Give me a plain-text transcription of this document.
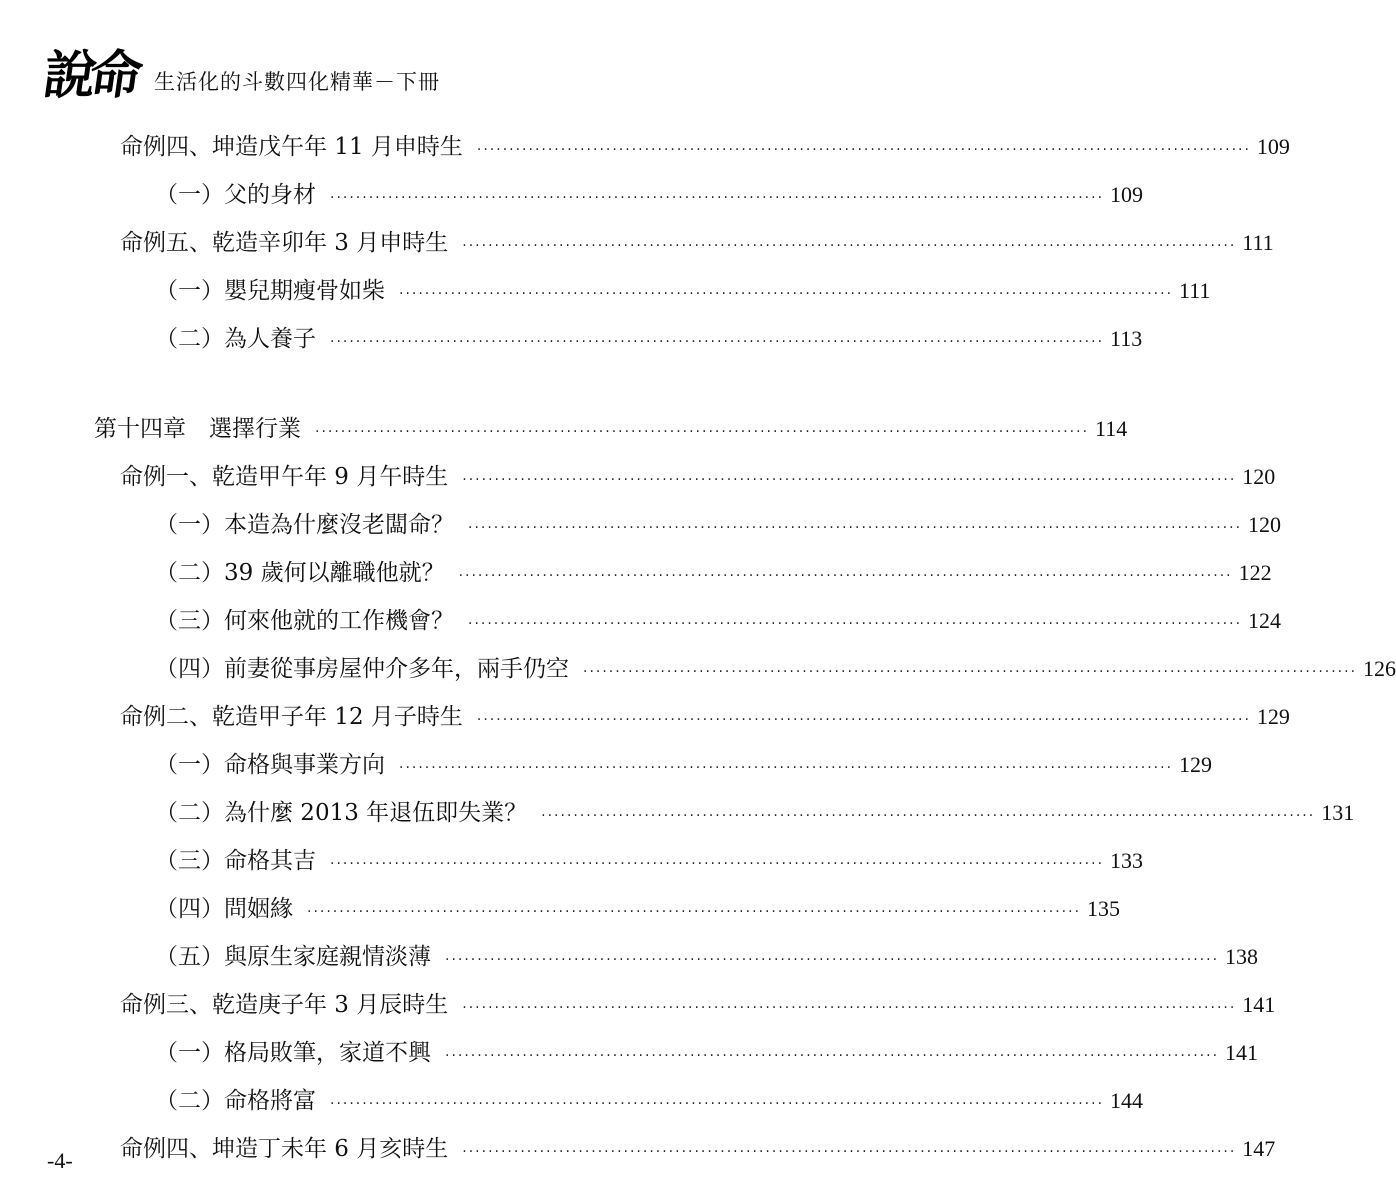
說命 生活化的斗數四化精華－下冊
命例四、坤造戊午年 11 月申時生 ························································································································ 109
（一）父的身材 ························································································································ 109
命例五、乾造辛卯年 3 月申時生 ························································································································ 111
（一）嬰兒期瘦骨如柴 ························································································································ 111
（二）為人養子 ························································································································ 113
第十四章　選擇行業 ························································································································ 114
命例一、乾造甲午年 9 月午時生 ························································································································ 120
（一）本造為什麼沒老闆命？ ························································································································ 120
（二）39 歲何以離職他就？ ························································································································ 122
（三）何來他就的工作機會？ ························································································································ 124
（四）前妻從事房屋仲介多年，兩手仍空 ························································································································ 126
命例二、乾造甲子年 12 月子時生 ························································································································ 129
（一）命格與事業方向 ························································································································ 129
（二）為什麼 2013 年退伍即失業？ ························································································································ 131
（三）命格其吉 ························································································································ 133
（四）問姻緣 ························································································································ 135
（五）與原生家庭親情淡薄 ························································································································ 138
命例三、乾造庚子年 3 月辰時生 ························································································································ 141
（一）格局敗筆，家道不興 ························································································································ 141
（二）命格將富 ························································································································ 144
命例四、坤造丁未年 6 月亥時生 ························································································································ 147
-4-
